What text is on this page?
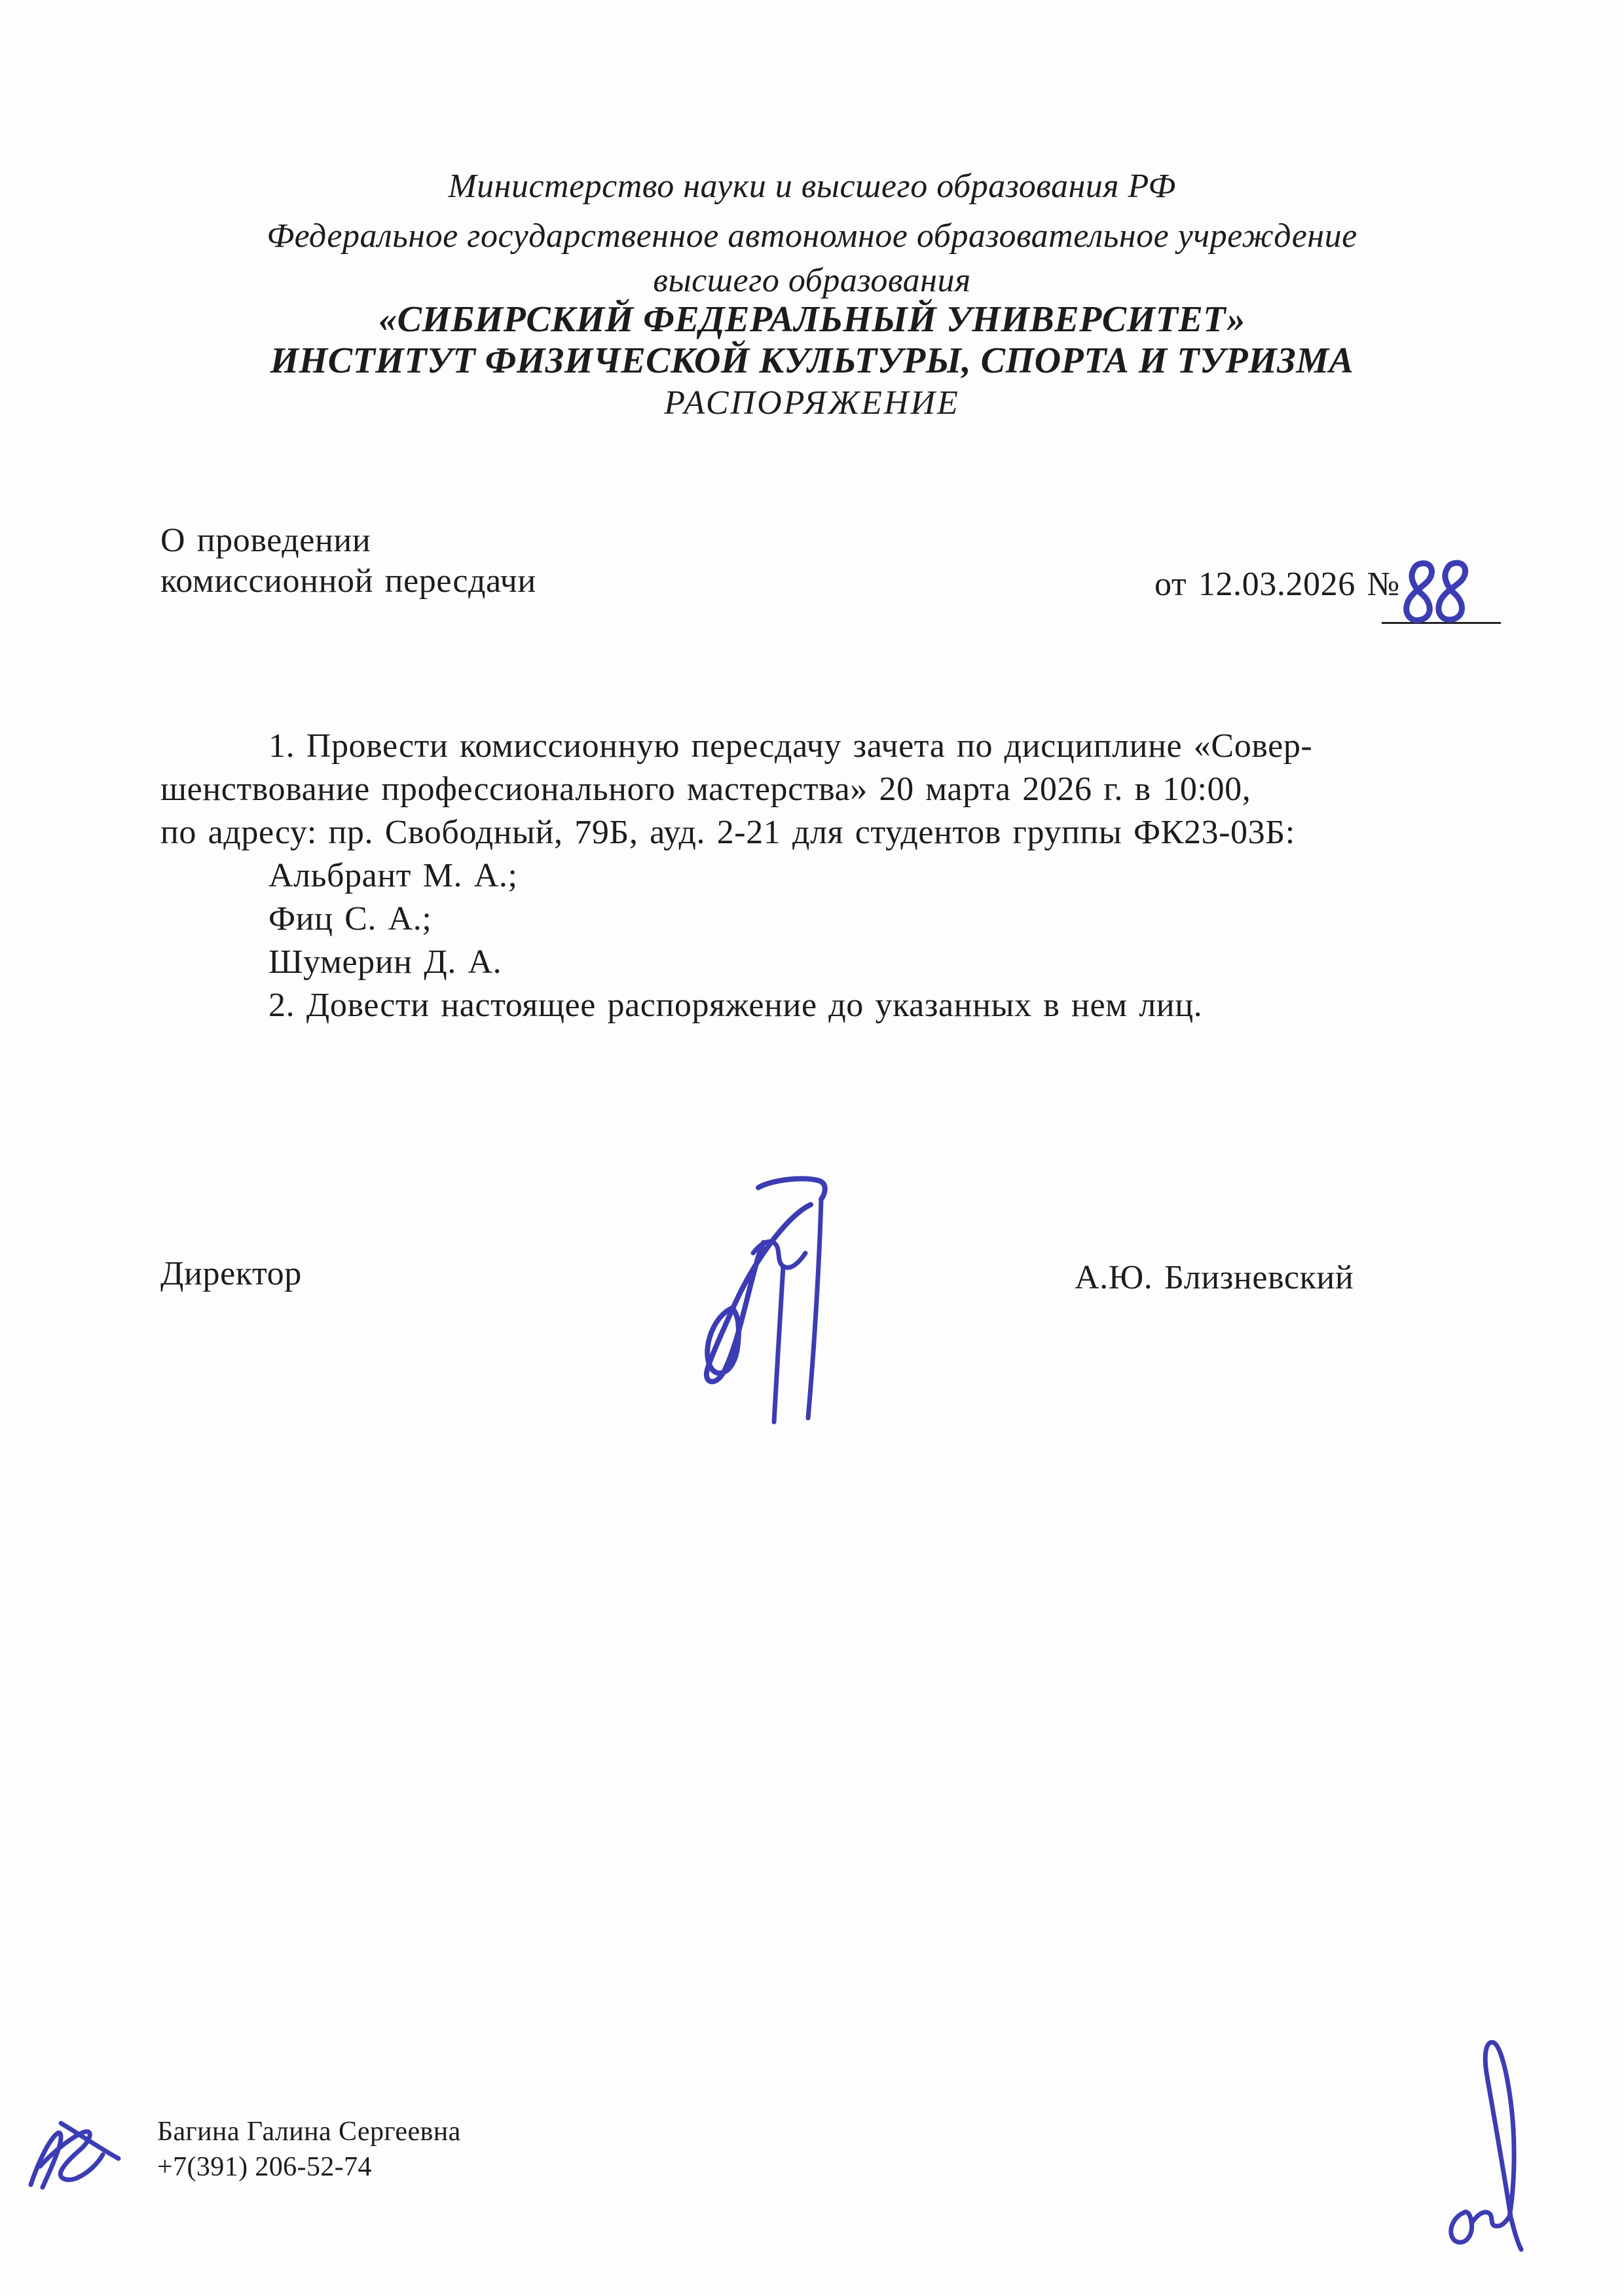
Министерство науки и высшего образования РФ
Федеральное государственное автономное образовательное учреждение
высшего образования
«СИБИРСКИЙ ФЕДЕРАЛЬНЫЙ УНИВЕРСИТЕТ»
ИНСТИТУТ ФИЗИЧЕСКОЙ КУЛЬТУРЫ, СПОРТА И ТУРИЗМА
РАСПОРЯЖЕНИЕ
О проведении
комиссионной пересдачи	от 12.03.2026 №
1. Провести комиссионную пересдачу зачета по дисциплине «Совер-
шенствование профессионального мастерства» 20 марта 2026 г. в 10:00,
по адресу: пр. Свободный, 79Б, ауд. 2-21 для студентов группы ФК23-03Б:
Альбрант М. А.;
Фиц С. А.;
Шумерин Д. А.
2. Довести настоящее распоряжение до указанных в нем лиц.
Директор	А.Ю. Близневский
Багина Галина Сергеевна
+7(391) 206-52-74
